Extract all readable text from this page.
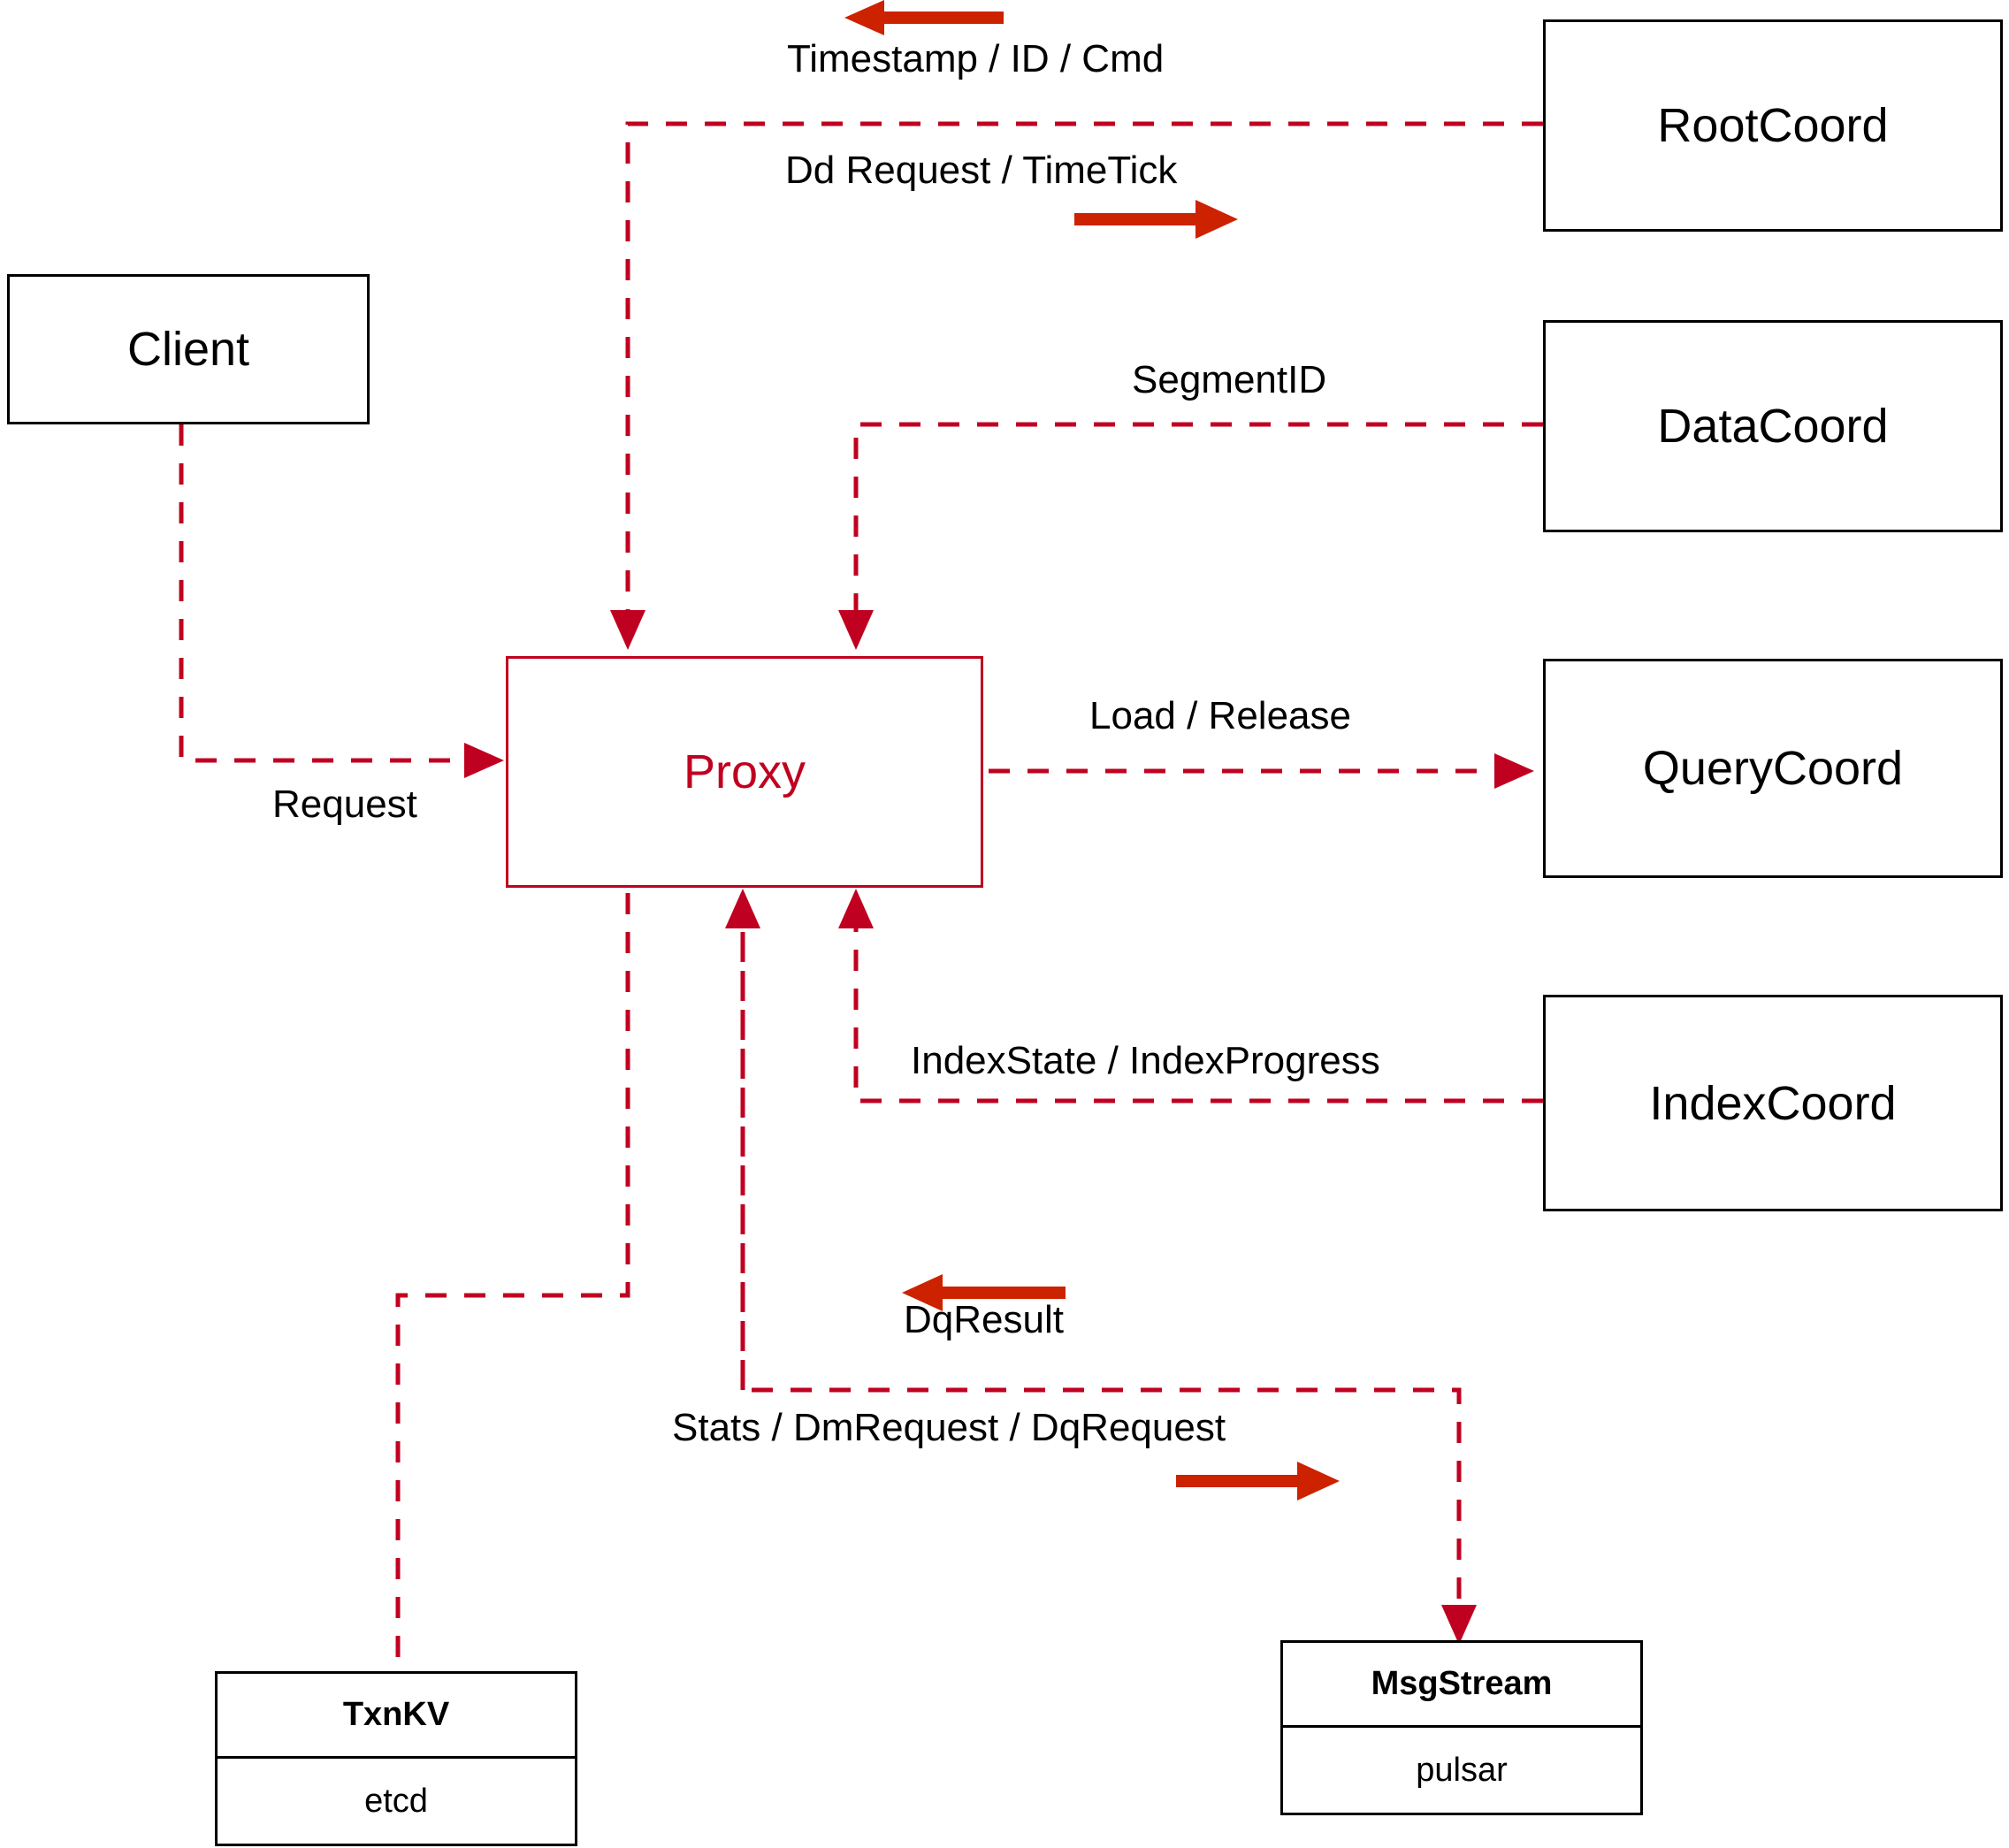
Client
Proxy
RootCoord
DataCoord
QueryCoord
IndexCoord
TxnKV
etcd
MsgStream
pulsar
Timestamp / ID / Cmd
Dd Request / TimeTick
SegmentID
Request
Load / Release
IndexState / IndexProgress
DqResult
Stats / DmRequest / DqRequest
